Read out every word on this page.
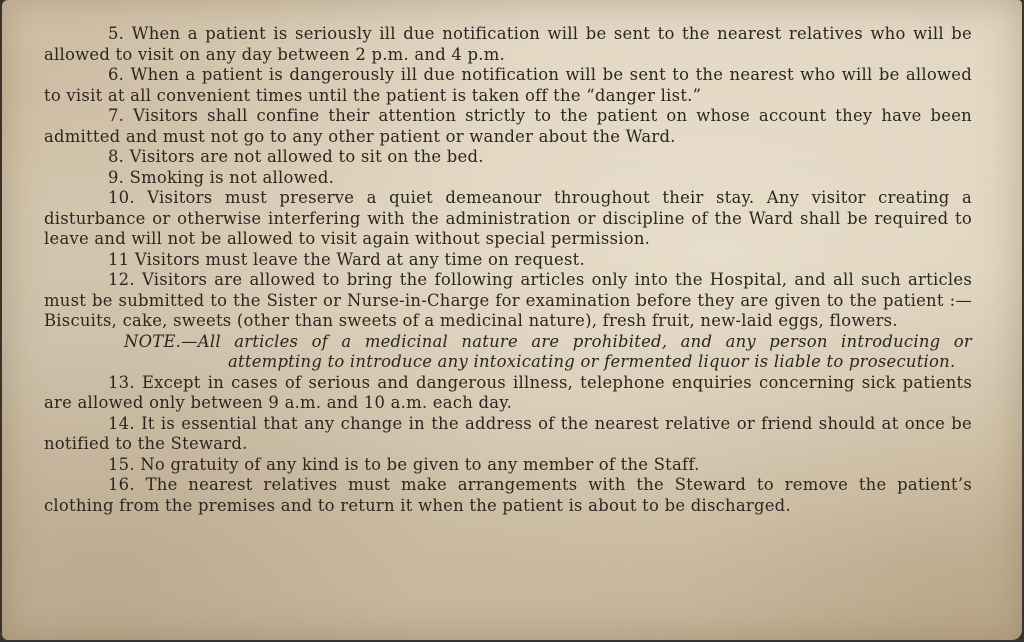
5. When a patient is seriously ill due notification will be sent to the nearest relatives who will be allowed to visit on any day between 2 p.m. and 4 p.m.

6. When a patient is dangerously ill due notification will be sent to the nearest who will be allowed to visit at all convenient times until the patient is taken off the “danger list.”

7. Visitors shall confine their attention strictly to the patient on whose account they have been admitted and must not go to any other patient or wander about the Ward.

8. Visitors are not allowed to sit on the bed.

9. Smoking is not allowed.

10. Visitors must preserve a quiet demeanour throughout their stay. Any visitor creating a disturbance or otherwise interfering with the administration or discipline of the Ward shall be required to leave and will not be allowed to visit again without special permission.

11 Visitors must leave the Ward at any time on request.

12. Visitors are allowed to bring the following articles only into the Hospital, and all such articles must be submitted to the Sister or Nurse-in-Charge for examination before they are given to the patient :—Biscuits, cake, sweets (other than sweets of a medicinal nature), fresh fruit, new-laid eggs, flowers.

NOTE.—All articles of a medicinal nature are prohibited, and any person introducing or attempting to introduce any intoxicating or fermented liquor is liable to prosecution.

13. Except in cases of serious and dangerous illness, telephone enquiries concerning sick patients are allowed only between 9 a.m. and 10 a.m. each day.

14. It is essential that any change in the address of the nearest relative or friend should at once be notified to the Steward.

15. No gratuity of any kind is to be given to any member of the Staff.

16. The nearest relatives must make arrangements with the Steward to remove the patient’s clothing from the premises and to return it when the patient is about to be discharged.
